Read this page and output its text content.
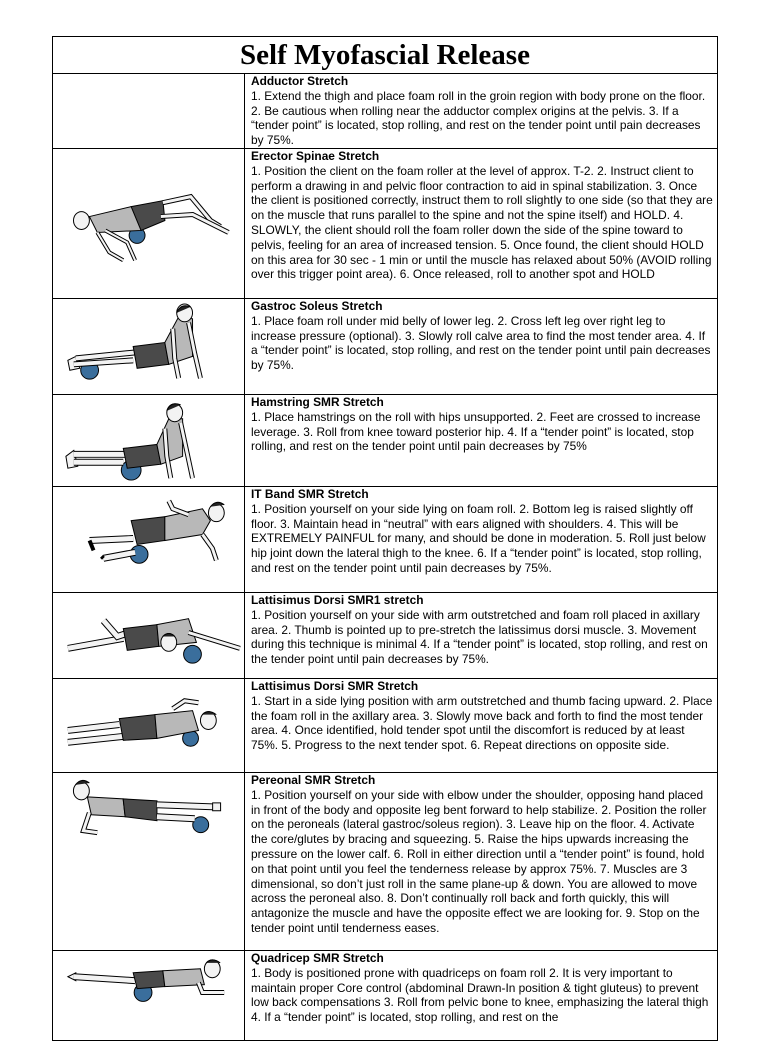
Self Myofascial Release
Adductor Stretch

1. Extend the thigh and place foam roll in the groin region with body prone on the floor. 2. Be cautious when rolling near the adductor complex origins at the pelvis. 3. If a “tender point” is located, stop rolling, and rest on the tender point until pain decreases by 75%.

Erector Spinae Stretch

1. Position the client on the foam roller at the level of approx. T-2. 2. Instruct client to perform a drawing in and pelvic floor contraction to aid in spinal stabilization. 3. Once the client is positioned correctly, instruct them to roll slightly to one side (so that they are on the muscle that runs parallel to the spine and not the spine itself) and HOLD. 4. SLOWLY, the client should roll the foam roller down the side of the spine toward to pelvis, feeling for an area of increased tension. 5. Once found, the client should HOLD on this area for 30 sec - 1 min or until the muscle has relaxed about 50% (AVOID rolling over this trigger point area). 6. Once released, roll to another spot and HOLD

Gastroc Soleus Stretch

1. Place foam roll under mid belly of lower leg. 2. Cross left leg over right leg to increase pressure (optional). 3. Slowly roll calve area to find the most tender area. 4. If a “tender point” is located, stop rolling, and rest on the tender point until pain decreases by 75%.

Hamstring SMR Stretch

1. Place hamstrings on the roll with hips unsupported. 2. Feet are crossed to increase leverage. 3. Roll from knee toward posterior hip. 4. If a “tender point” is located, stop rolling, and rest on the tender point until pain decreases by 75%

IT Band SMR Stretch

1. Position yourself on your side lying on foam roll. 2. Bottom leg is raised slightly off floor. 3. Maintain head in “neutral” with ears aligned with shoulders. 4. This will be EXTREMELY PAINFUL for many, and should be done in moderation. 5. Roll just below hip joint down the lateral thigh to the knee. 6. If a “tender point” is located, stop rolling, and rest on the tender point until pain decreases by 75%.

Lattisimus Dorsi SMR1 stretch

1. Position yourself on your side with arm outstretched and foam roll placed in axillary area. 2. Thumb is pointed up to pre-stretch the latissimus dorsi muscle. 3. Movement during this technique is minimal 4. If a “tender point” is located, stop rolling, and rest on the tender point until pain decreases by 75%.

Lattisimus Dorsi SMR Stretch

1. Start in a side lying position with arm outstretched and thumb facing upward. 2. Place the foam roll in the axillary area. 3. Slowly move back and forth to find the most tender area. 4. Once identified, hold tender spot until the discomfort is reduced by at least 75%. 5. Progress to the next tender spot. 6. Repeat directions on opposite side.

Pereonal SMR Stretch

1. Position yourself on your side with elbow under the shoulder, opposing hand placed in front of the body and opposite leg bent forward to help stabilize. 2. Position the roller on the peroneals (lateral gastroc/soleus region). 3. Leave hip on the floor. 4. Activate the core/glutes by bracing and squeezing. 5. Raise the hips upwards increasing the pressure on the lower calf. 6. Roll in either direction until a “tender point” is found, hold on that point until you feel the tenderness release by approx 75%. 7. Muscles are 3 dimensional, so don’t just roll in the same plane-up & down. You are allowed to move across the peroneal also. 8. Don’t continually roll back and forth quickly, this will antagonize the muscle and have the opposite effect we are looking for. 9. Stop on the tender point until tenderness eases.

Quadricep SMR Stretch

1. Body is positioned prone with quadriceps on foam roll 2. It is very important to maintain proper Core control (abdominal Drawn-In position & tight gluteus) to prevent low back compensations 3. Roll from pelvic bone to knee, emphasizing the lateral thigh 4. If a “tender point” is located, stop rolling, and rest on the
